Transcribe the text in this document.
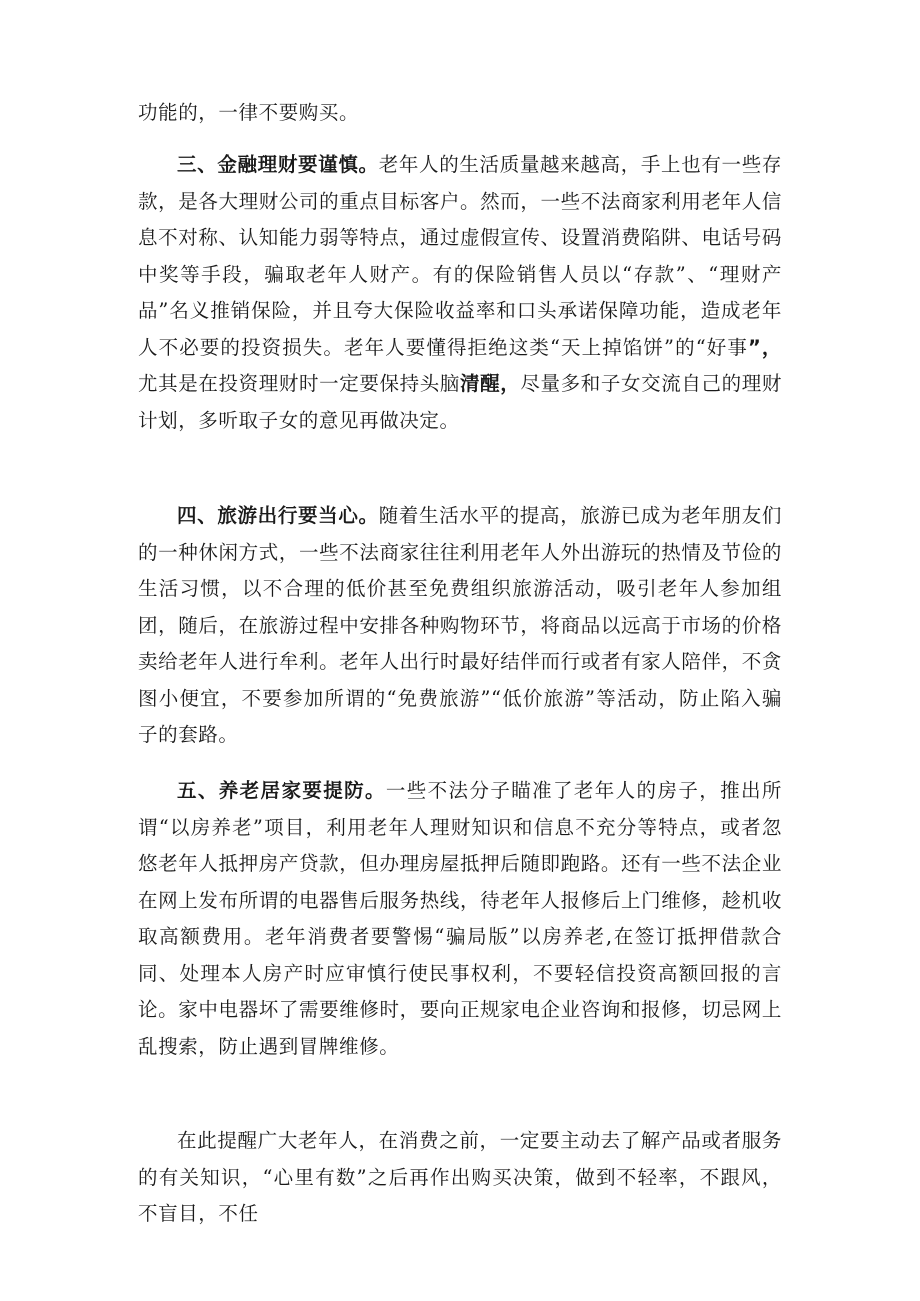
功能的，一律不要购买。

三、金融理财要谨慎。老年人的生活质量越来越高，手上也有一些存款，是各大理财公司的重点目标客户。然而，一些不法商家利用老年人信息不对称、认知能力弱等特点，通过虚假宣传、设置消费陷阱、电话号码中奖等手段，骗取老年人财产。有的保险销售人员以“存款”、“理财产品”名义推销保险，并且夸大保险收益率和口头承诺保障功能，造成老年人不必要的投资损失。老年人要懂得拒绝这类“天上掉馅饼”的“好事”，尤其是在投资理财时一定要保持头脑清醒，尽量多和子女交流自己的理财计划，多听取子女的意见再做决定。

四、旅游出行要当心。随着生活水平的提高，旅游已成为老年朋友们的一种休闲方式，一些不法商家往往利用老年人外出游玩的热情及节俭的生活习惯，以不合理的低价甚至免费组织旅游活动，吸引老年人参加组团，随后，在旅游过程中安排各种购物环节，将商品以远高于市场的价格卖给老年人进行牟利。老年人出行时最好结伴而行或者有家人陪伴，不贪图小便宜，不要参加所谓的“免费旅游”“低价旅游”等活动，防止陷入骗子的套路。

五、养老居家要提防。一些不法分子瞄准了老年人的房子，推出所谓“以房养老”项目，利用老年人理财知识和信息不充分等特点，或者忽悠老年人抵押房产贷款，但办理房屋抵押后随即跑路。还有一些不法企业在网上发布所谓的电器售后服务热线，待老年人报修后上门维修，趁机收取高额费用。老年消费者要警惕“骗局版”以房养老,在签订抵押借款合同、处理本人房产时应审慎行使民事权利，不要轻信投资高额回报的言论。家中电器坏了需要维修时，要向正规家电企业咨询和报修，切忌网上乱搜索，防止遇到冒牌维修。

在此提醒广大老年人，在消费之前，一定要主动去了解产品或者服务的有关知识，“心里有数”之后再作出购买决策，做到不轻率，不跟风，不盲目，不任
